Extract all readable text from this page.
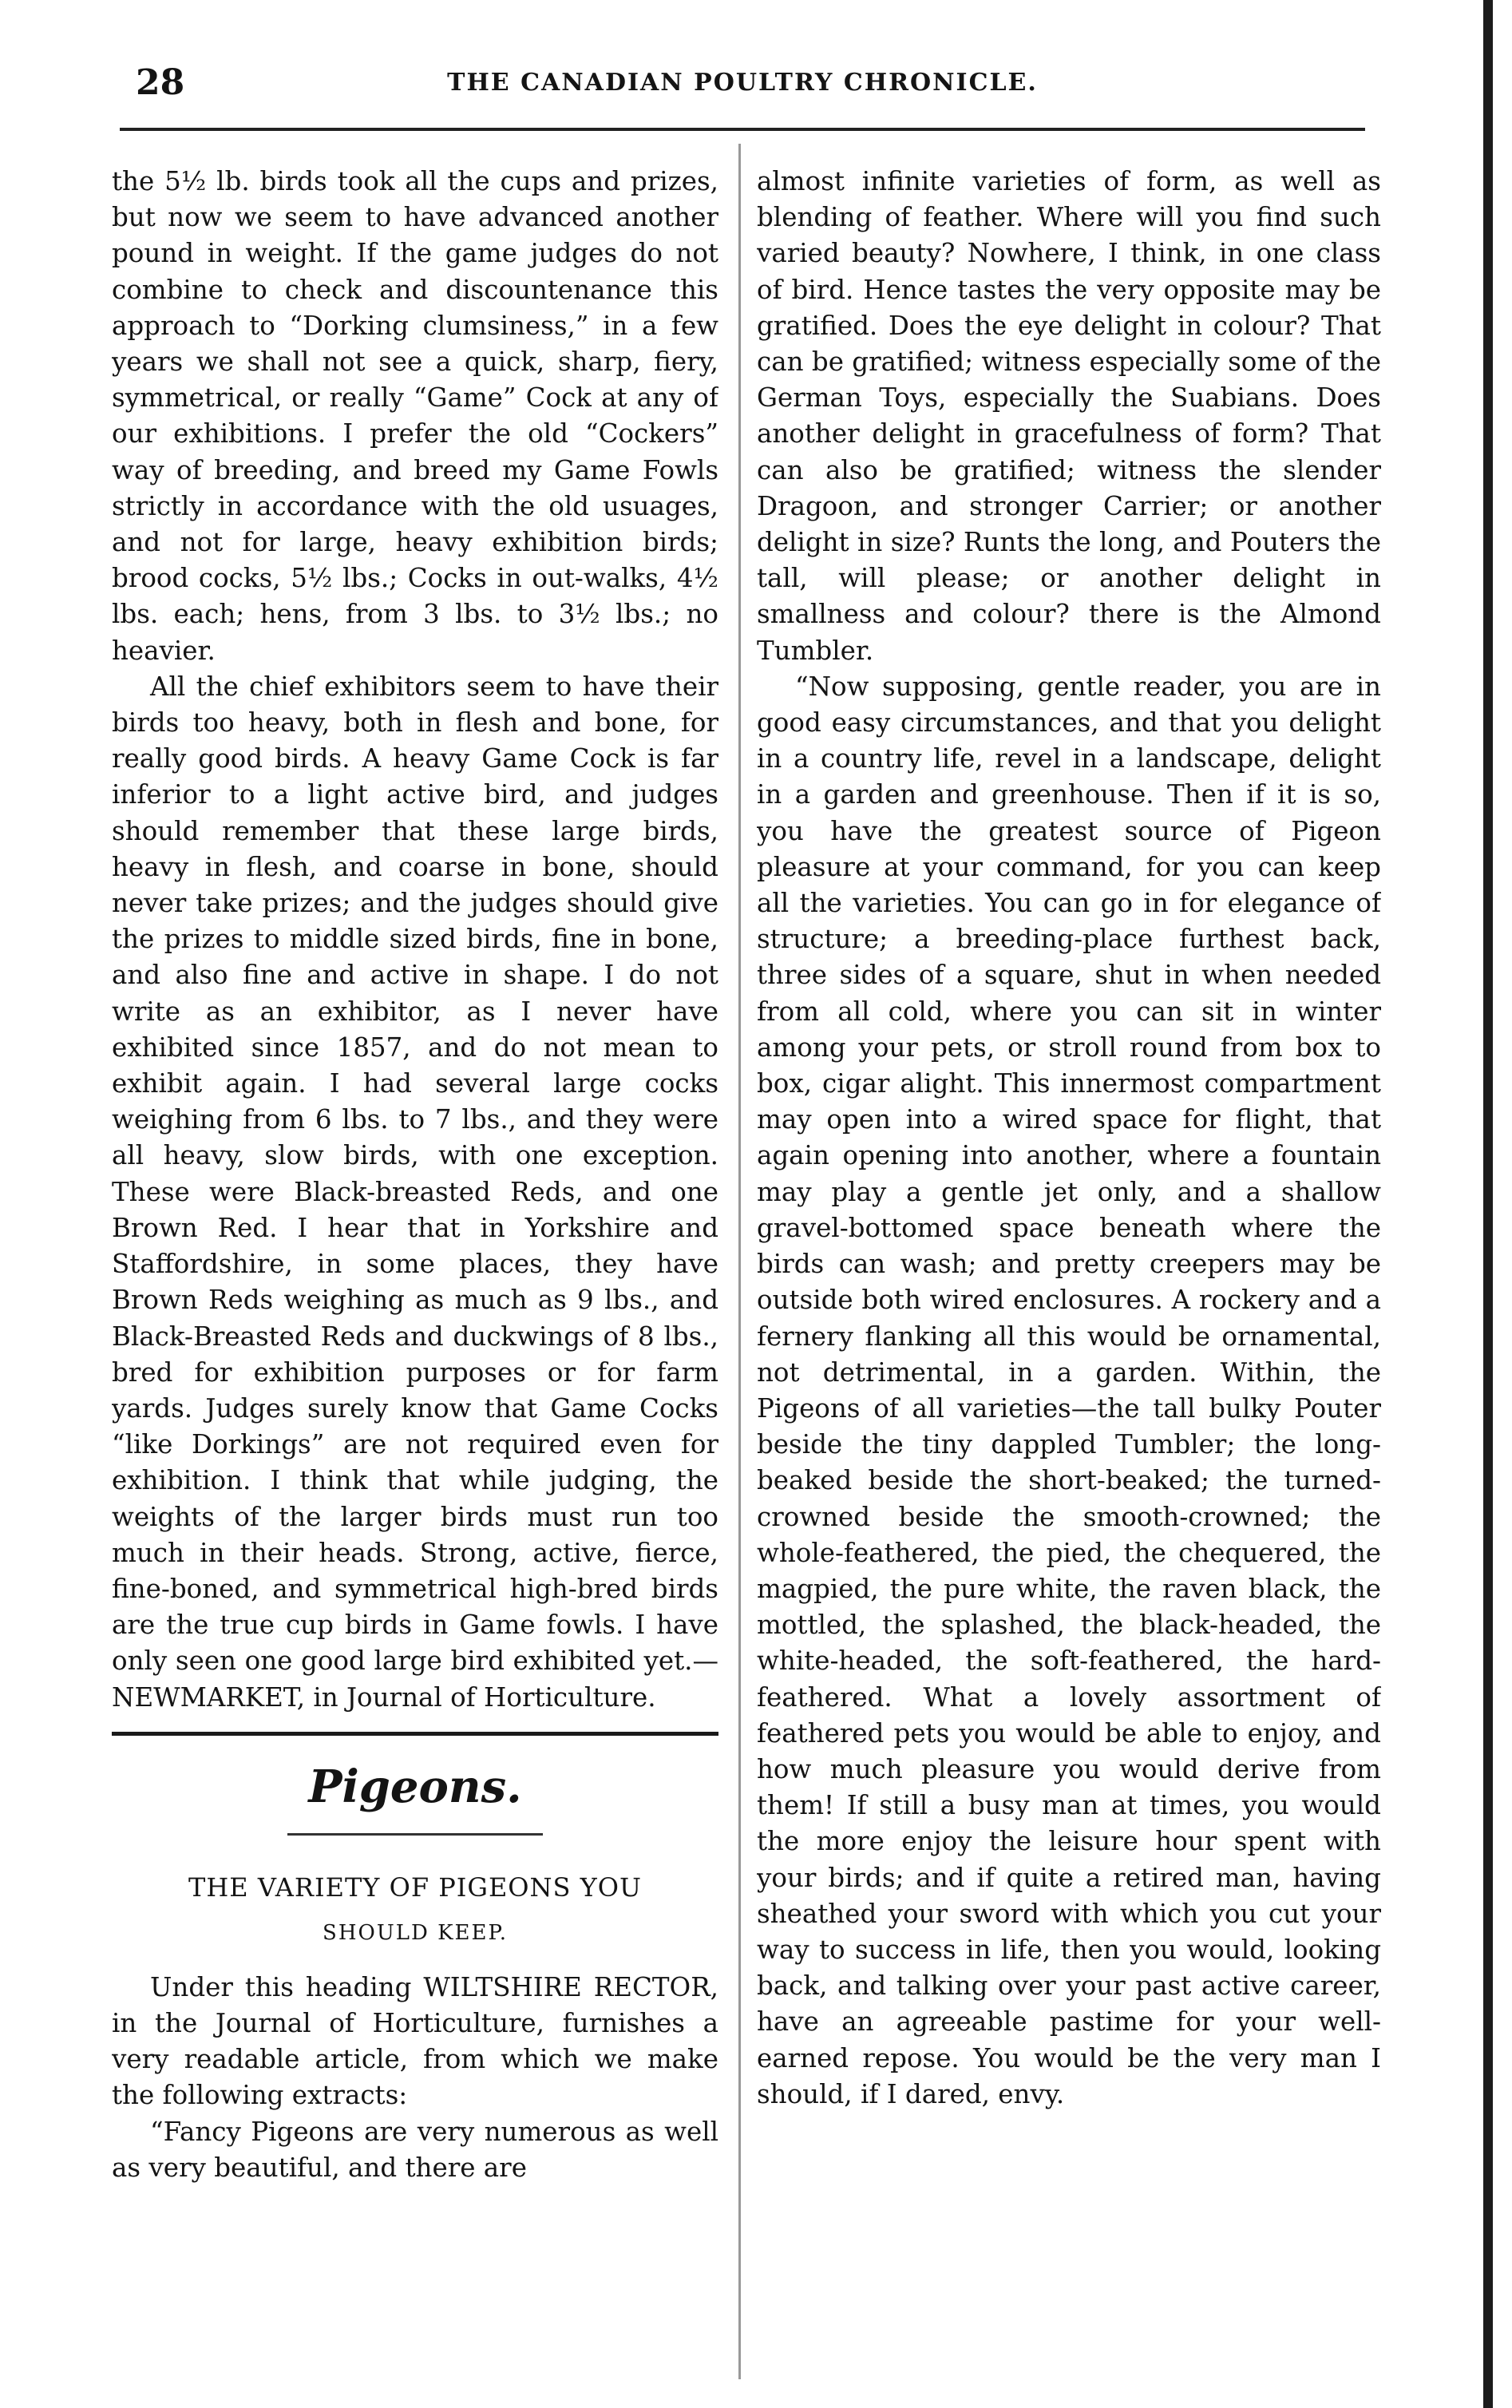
28	THE CANADIAN POULTRY CHRONICLE.

the 5½ lb. birds took all the cups and prizes, but now we seem to have advanced another pound in weight. If the game judges do not combine to check and discountenance this approach to “Dorking clumsiness,” in a few years we shall not see a quick, sharp, fiery, symmetrical, or really “Game” Cock at any of our exhibitions. I prefer the old “Cockers” way of breeding, and breed my Game Fowls strictly in accordance with the old usuages, and not for large, heavy exhibition birds; brood cocks, 5½ lbs.; Cocks in out-walks, 4½ lbs. each; hens, from 3 lbs. to 3½ lbs.; no heavier.

All the chief exhibitors seem to have their birds too heavy, both in flesh and bone, for really good birds. A heavy Game Cock is far inferior to a light active bird, and judges should remember that these large birds, heavy in flesh, and coarse in bone, should never take prizes; and the judges should give the prizes to middle sized birds, fine in bone, and also fine and active in shape. I do not write as an exhibitor, as I never have exhibited since 1857, and do not mean to exhibit again. I had several large cocks weighing from 6 lbs. to 7 lbs., and they were all heavy, slow birds, with one exception. These were Black-breasted Reds, and one Brown Red. I hear that in Yorkshire and Staffordshire, in some places, they have Brown Reds weighing as much as 9 lbs., and Black-Breasted Reds and duckwings of 8 lbs., bred for exhibition purposes or for farm yards. Judges surely know that Game Cocks “like Dorkings” are not required even for exhibition. I think that while judging, the weights of the larger birds must run too much in their heads. Strong, active, fierce, fine-boned, and symmetrical high-bred birds are the true cup birds in Game fowls. I have only seen one good large bird exhibited yet.—NEWMARKET, in Journal of Horticulture.

Pigeons.
THE VARIETY OF PIGEONS YOU
SHOULD KEEP.

Under this heading WILTSHIRE RECTOR, in the Journal of Horticulture, furnishes a very readable article, from which we make the following extracts:

“Fancy Pigeons are very numerous as well as very beautiful, and there are

almost infinite varieties of form, as well as blending of feather. Where will you find such varied beauty? Nowhere, I think, in one class of bird. Hence tastes the very opposite may be gratified. Does the eye delight in colour? That can be gratified; witness especially some of the German Toys, especially the Suabians. Does another delight in gracefulness of form? That can also be gratified; witness the slender Dragoon, and stronger Carrier; or another delight in size? Runts the long, and Pouters the tall, will please; or another delight in smallness and colour? there is the Almond Tumbler.

“Now supposing, gentle reader, you are in good easy circumstances, and that you delight in a country life, revel in a landscape, delight in a garden and greenhouse. Then if it is so, you have the greatest source of Pigeon pleasure at your command, for you can keep all the varieties. You can go in for elegance of structure; a breeding-place furthest back, three sides of a square, shut in when needed from all cold, where you can sit in winter among your pets, or stroll round from box to box, cigar alight. This innermost compartment may open into a wired space for flight, that again opening into another, where a fountain may play a gentle jet only, and a shallow gravel-bottomed space beneath where the birds can wash; and pretty creepers may be outside both wired enclosures. A rockery and a fernery flanking all this would be ornamental, not detrimental, in a garden. Within, the Pigeons of all varieties—the tall bulky Pouter beside the tiny dappled Tumbler; the long-beaked beside the short-beaked; the turned-crowned beside the smooth-crowned; the whole-feathered, the pied, the chequered, the magpied, the pure white, the raven black, the mottled, the splashed, the black-headed, the white-headed, the soft-feathered, the hard-feathered. What a lovely assortment of feathered pets you would be able to enjoy, and how much pleasure you would derive from them! If still a busy man at times, you would the more enjoy the leisure hour spent with your birds; and if quite a retired man, having sheathed your sword with which you cut your way to success in life, then you would, looking back, and talking over your past active career, have an agreeable pastime for your well-earned repose. You would be the very man I should, if I dared, envy.
